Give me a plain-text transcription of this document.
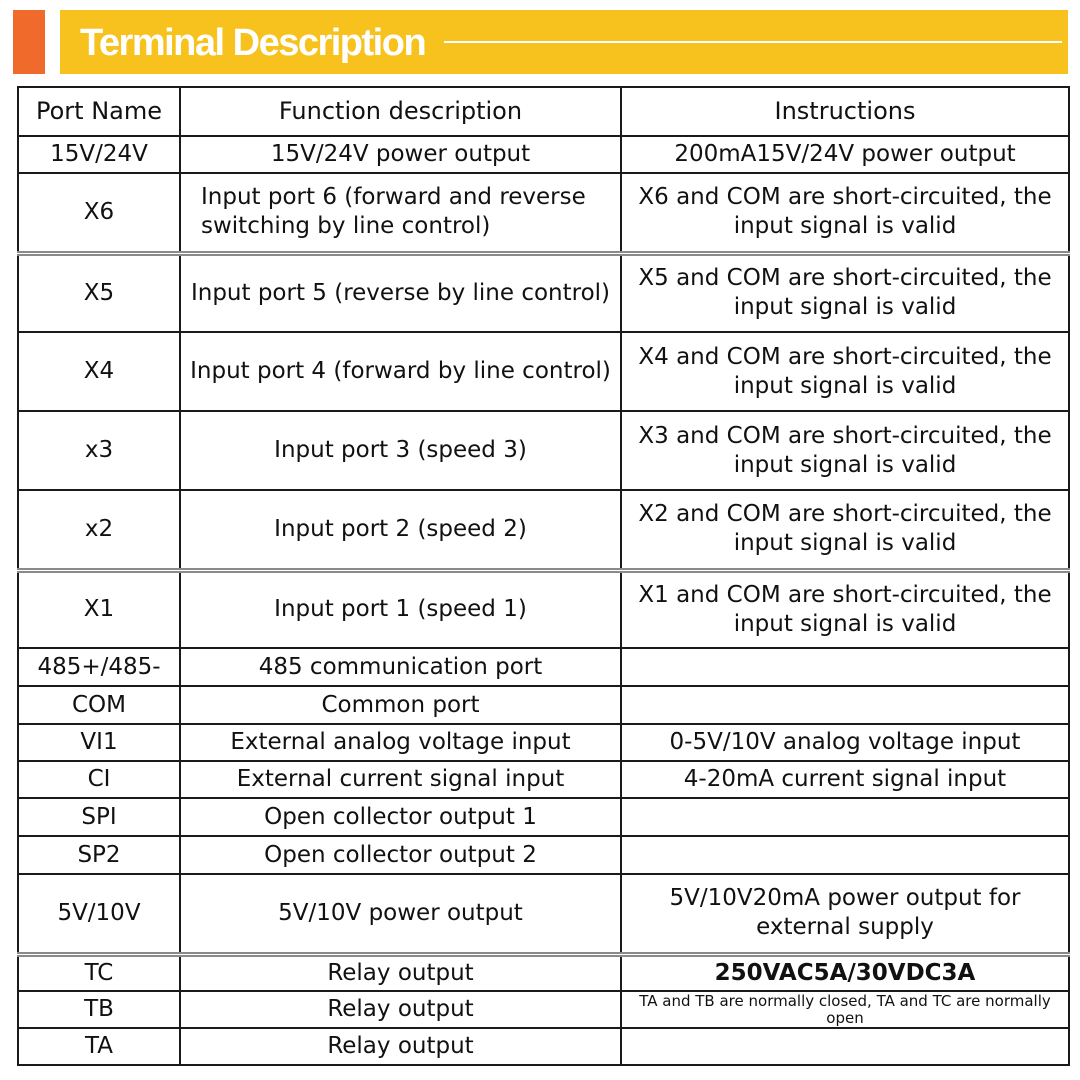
Terminal Description
Port Name	Function description	Instructions
15V/24V	15V/24V power output	200mA15V/24V power output
X6	Input port 6 (forward and reverse switching by line control)	X6 and COM are short-circuited, the input signal is valid
X5	Input port 5 (reverse by line control)	X5 and COM are short-circuited, the input signal is valid
X4	Input port 4 (forward by line control)	X4 and COM are short-circuited, the input signal is valid
x3	Input port 3 (speed 3)	X3 and COM are short-circuited, the input signal is valid
x2	Input port 2 (speed 2)	X2 and COM are short-circuited, the input signal is valid
X1	Input port 1 (speed 1)	X1 and COM are short-circuited, the input signal is valid
485+/485-	485 communication port	
COM	Common port	
VI1	External analog voltage input	0-5V/10V analog voltage input
CI	External current signal input	4-20mA current signal input
SPI	Open collector output 1	
SP2	Open collector output 2	
5V/10V	5V/10V power output	5V/10V20mA power output for external supply
TC	Relay output	250VAC5A/30VDC3A
TB	Relay output	TA and TB are normally closed, TA and TC are normally open
TA	Relay output	
